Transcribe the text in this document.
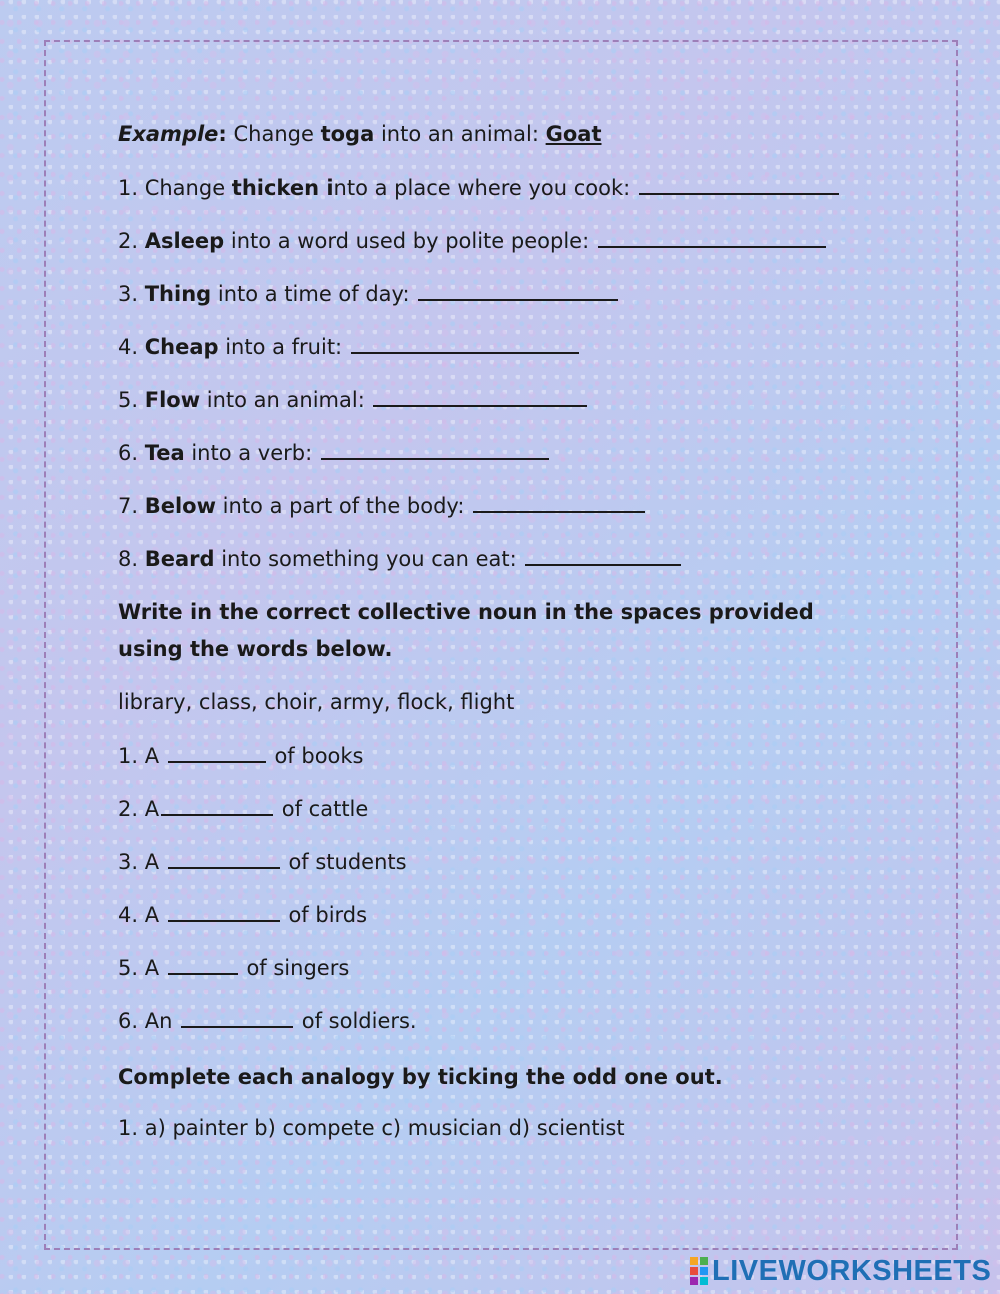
Example: Change toga into an animal: Goat
1. Change thicken into a place where you cook:
2. Asleep into a word used by polite people:
3. Thing into a time of day:
4. Cheap into a fruit:
5. Flow into an animal:
6. Tea into a verb:
7. Below into a part of the body:
8. Beard into something you can eat:
Write in the correct collective noun in the spaces provided using the words below.
library, class, choir, army, flock, flight
1. A	of books
2. A	of cattle
3. A	of students
4. A	of birds
5. A	of singers
6. An	of soldiers.
Complete each analogy by ticking the odd one out.
1. a) painter b) compete c) musician d) scientist
LIVEWORKSHEETS
